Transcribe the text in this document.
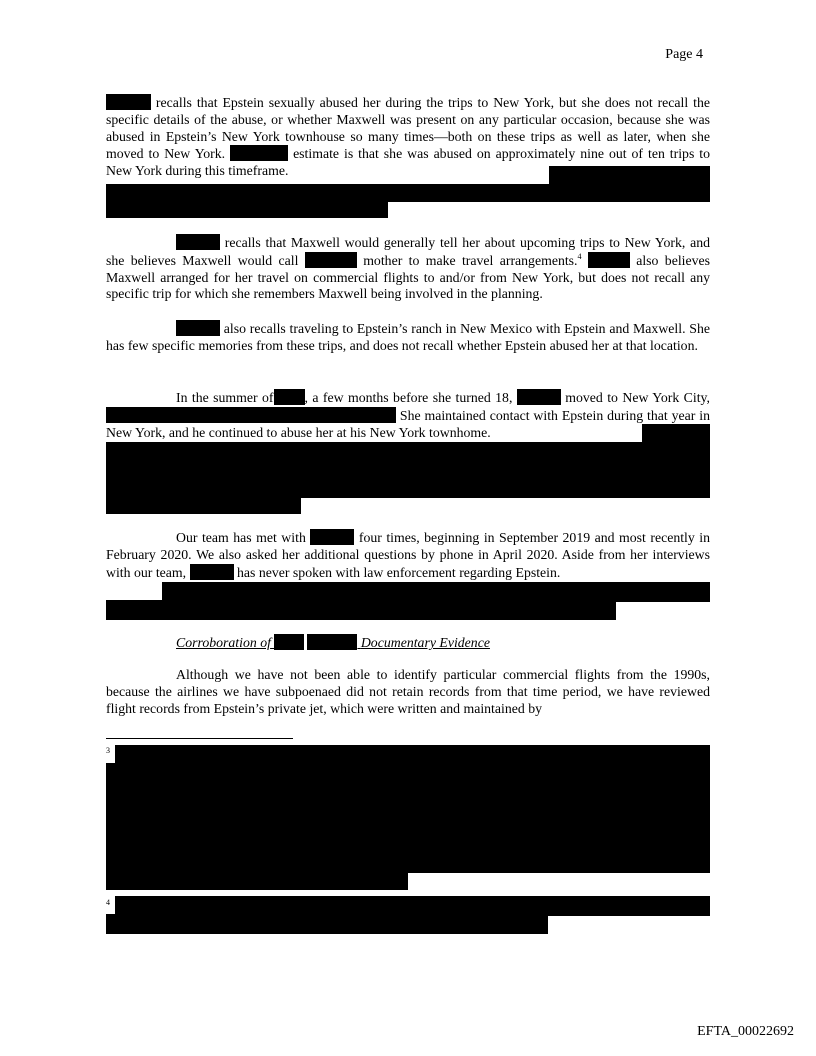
Page 4
recalls that Epstein sexually abused her during the trips to New York, but she does not recall the specific details of the abuse, or whether Maxwell was present on any particular occasion, because she was abused in Epstein’s New York townhouse so many times—both on these trips as well as later, when she moved to New York.	estimate is that she was abused on approximately nine out of ten trips to New York during this timeframe.
recalls that Maxwell would generally tell her about upcoming trips to New York, and she believes Maxwell would call	mother to make travel arrangements.$^4$	also believes Maxwell arranged for her travel on commercial flights to and/or from New York, but does not recall any specific trip for which she remembers Maxwell being involved in the planning.
also recalls traveling to Epstein’s ranch in New Mexico with Epstein and Maxwell. She has few specific memories from these trips, and does not recall whether Epstein abused her at that location.
In the summer of , a few months before she turned 18,	moved to New York City,  She maintained contact with Epstein during that year in New York, and he continued to abuse her at his New York townhome.
Our team has met with	four times, beginning in September 2019 and most recently in February 2020. We also asked her additional questions by phone in April 2020. Aside from her interviews with our team,	has never spoken with law enforcement regarding Epstein.
Corroboration of	Documentary Evidence
Although we have not been able to identify particular commercial flights from the 1990s, because the airlines we have subpoenaed did not retain records from that time period, we have reviewed flight records from Epstein’s private jet, which were written and maintained by
3
4
EFTA_00022692
